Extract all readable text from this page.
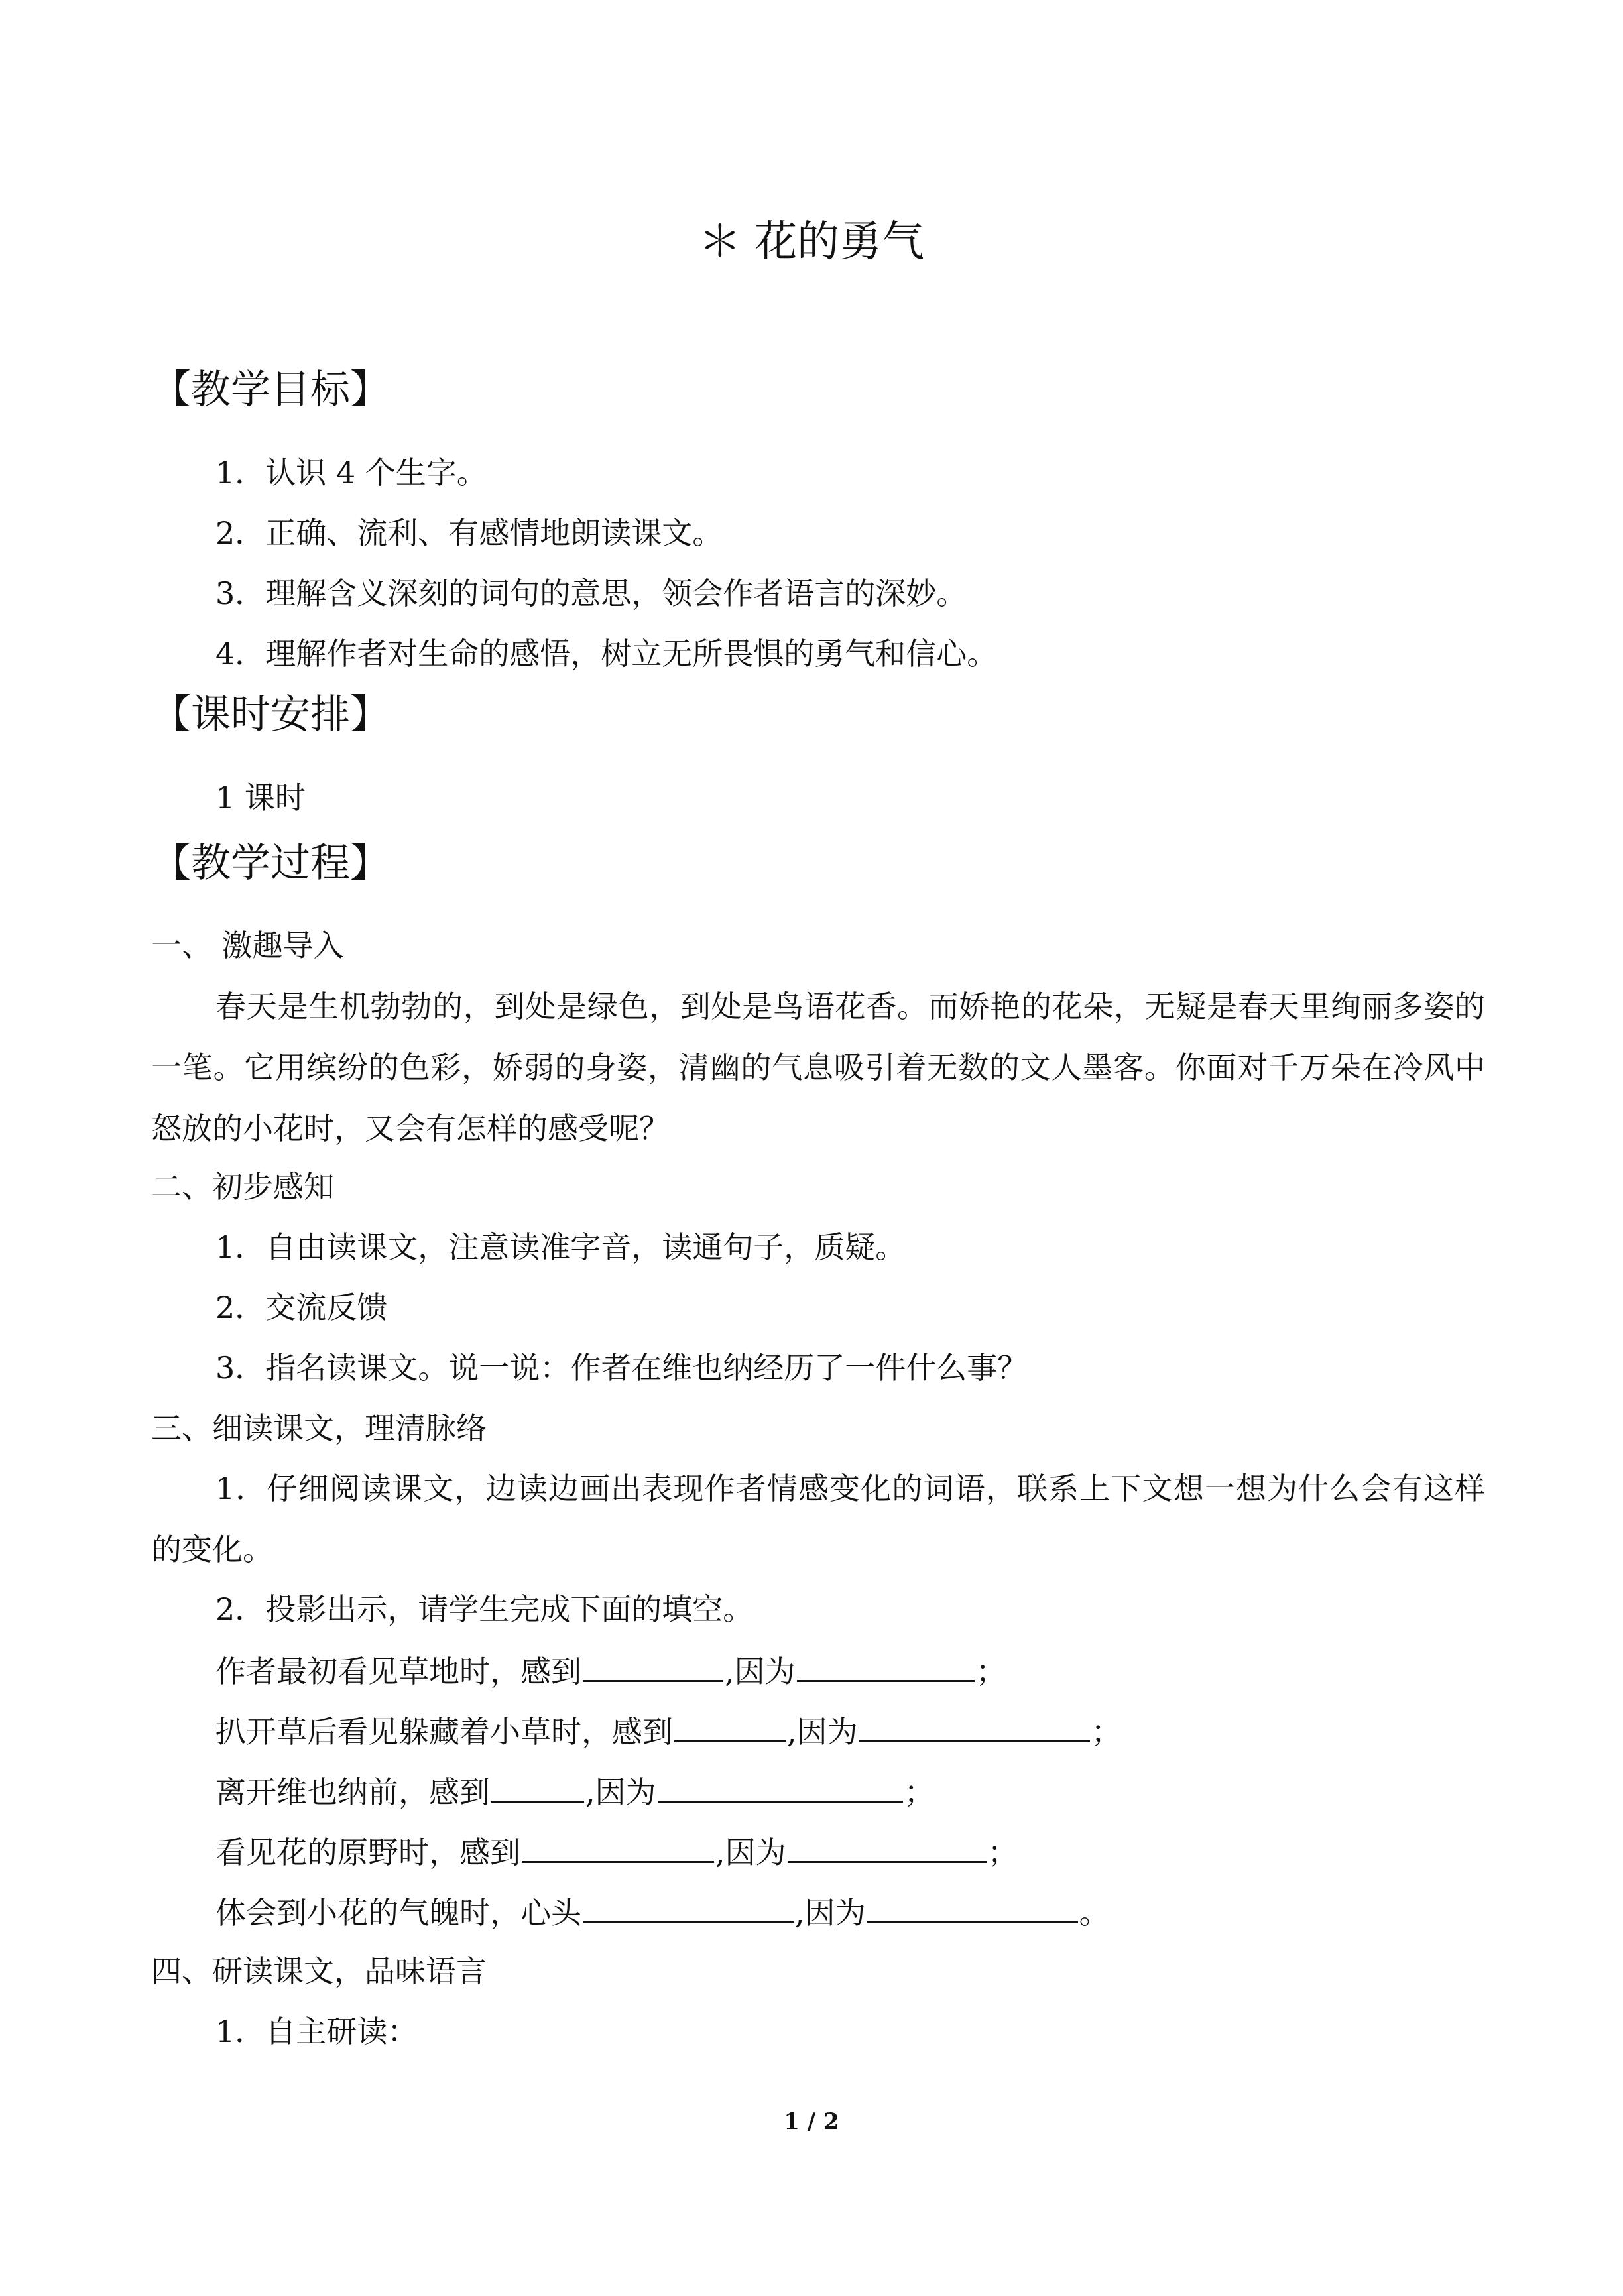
＊ 花的勇气
【教学目标】
1．认识 4 个生字。
2．正确、流利、有感情地朗读课文。
3．理解含义深刻的词句的意思，领会作者语言的深妙。
4．理解作者对生命的感悟，树立无所畏惧的勇气和信心。
【课时安排】
1 课时
【教学过程】
一、 激趣导入
春天是生机勃勃的，到处是绿色，到处是鸟语花香。而娇艳的花朵，无疑是春天里绚丽多姿的一笔。它用缤纷的色彩，娇弱的身姿，清幽的气息吸引着无数的文人墨客。你面对千万朵在冷风中怒放的小花时，又会有怎样的感受呢？
二、初步感知
1．自由读课文，注意读准字音，读通句子，质疑。
2．交流反馈
3．指名读课文。说一说：作者在维也纳经历了一件什么事？
三、细读课文，理清脉络
1．仔细阅读课文，边读边画出表现作者情感变化的词语，联系上下文想一想为什么会有这样的变化。
2．投影出示，请学生完成下面的填空。
作者最初看见草地时，感到	,因为	；
扒开草后看见躲藏着小草时，感到	,因为	；
离开维也纳前，感到	,因为	；
看见花的原野时，感到	,因为	；
体会到小花的气魄时，心头	,因为	。
四、研读课文，品味语言
1．自主研读：
1 / 2
